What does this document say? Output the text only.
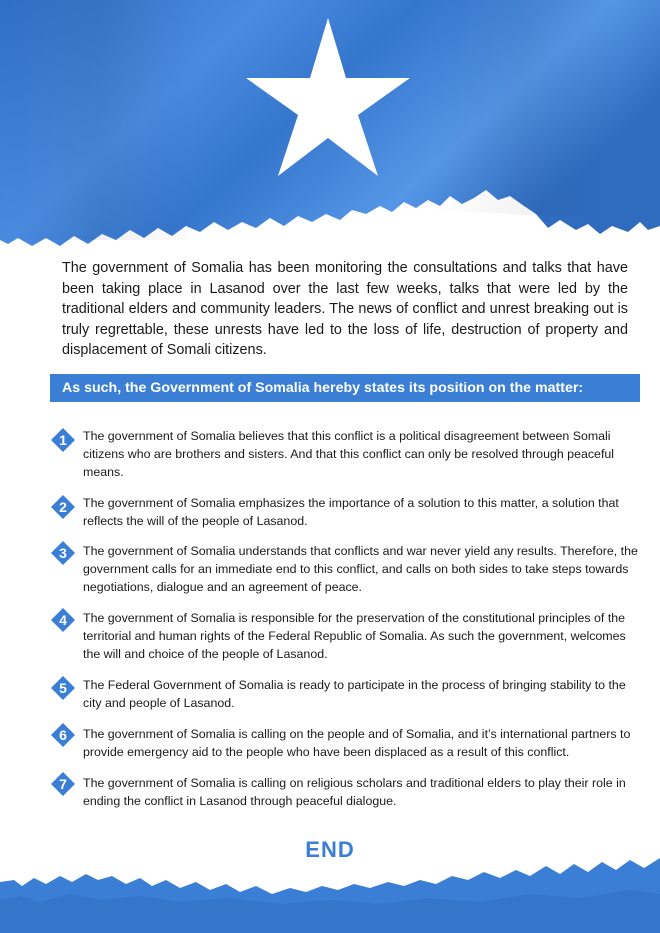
The government of Somalia has been monitoring the consultations and talks that have been taking place in Lasanod over the last few weeks, talks that were led by the traditional elders and community leaders. The news of conflict and unrest breaking out is truly regrettable, these unrests have led to the loss of life, destruction of property and displacement of Somali citizens.

As such, the Government of Somalia hereby states its position on the matter:
1	The government of Somalia believes that this conflict is a political disagreement between Somali citizens who are brothers and sisters. And that this conflict can only be resolved through peaceful means.

2	The government of Somalia emphasizes the importance of a solution to this matter, a solution that reflects the will of the people of Lasanod.

3	The government of Somalia understands that conflicts and war never yield any results. Therefore, the government calls for an immediate end to this conflict, and calls on both sides to take steps towards negotiations, dialogue and an agreement of peace.

4	The government of Somalia is responsible for the preservation of the constitutional principles of the territorial and human rights of the Federal Republic of Somalia. As such the government, welcomes the will and choice of the people of Lasanod.

5	The Federal Government of Somalia is ready to participate in the process of bringing stability to the city and people of Lasanod.

6	The government of Somalia is calling on the people and of Somalia, and it’s international partners to provide emergency aid to the people who have been displaced as a result of this conflict.

7	The government of Somalia is calling on religious scholars and traditional elders to play their role in ending the conflict in Lasanod through peaceful dialogue.

END
